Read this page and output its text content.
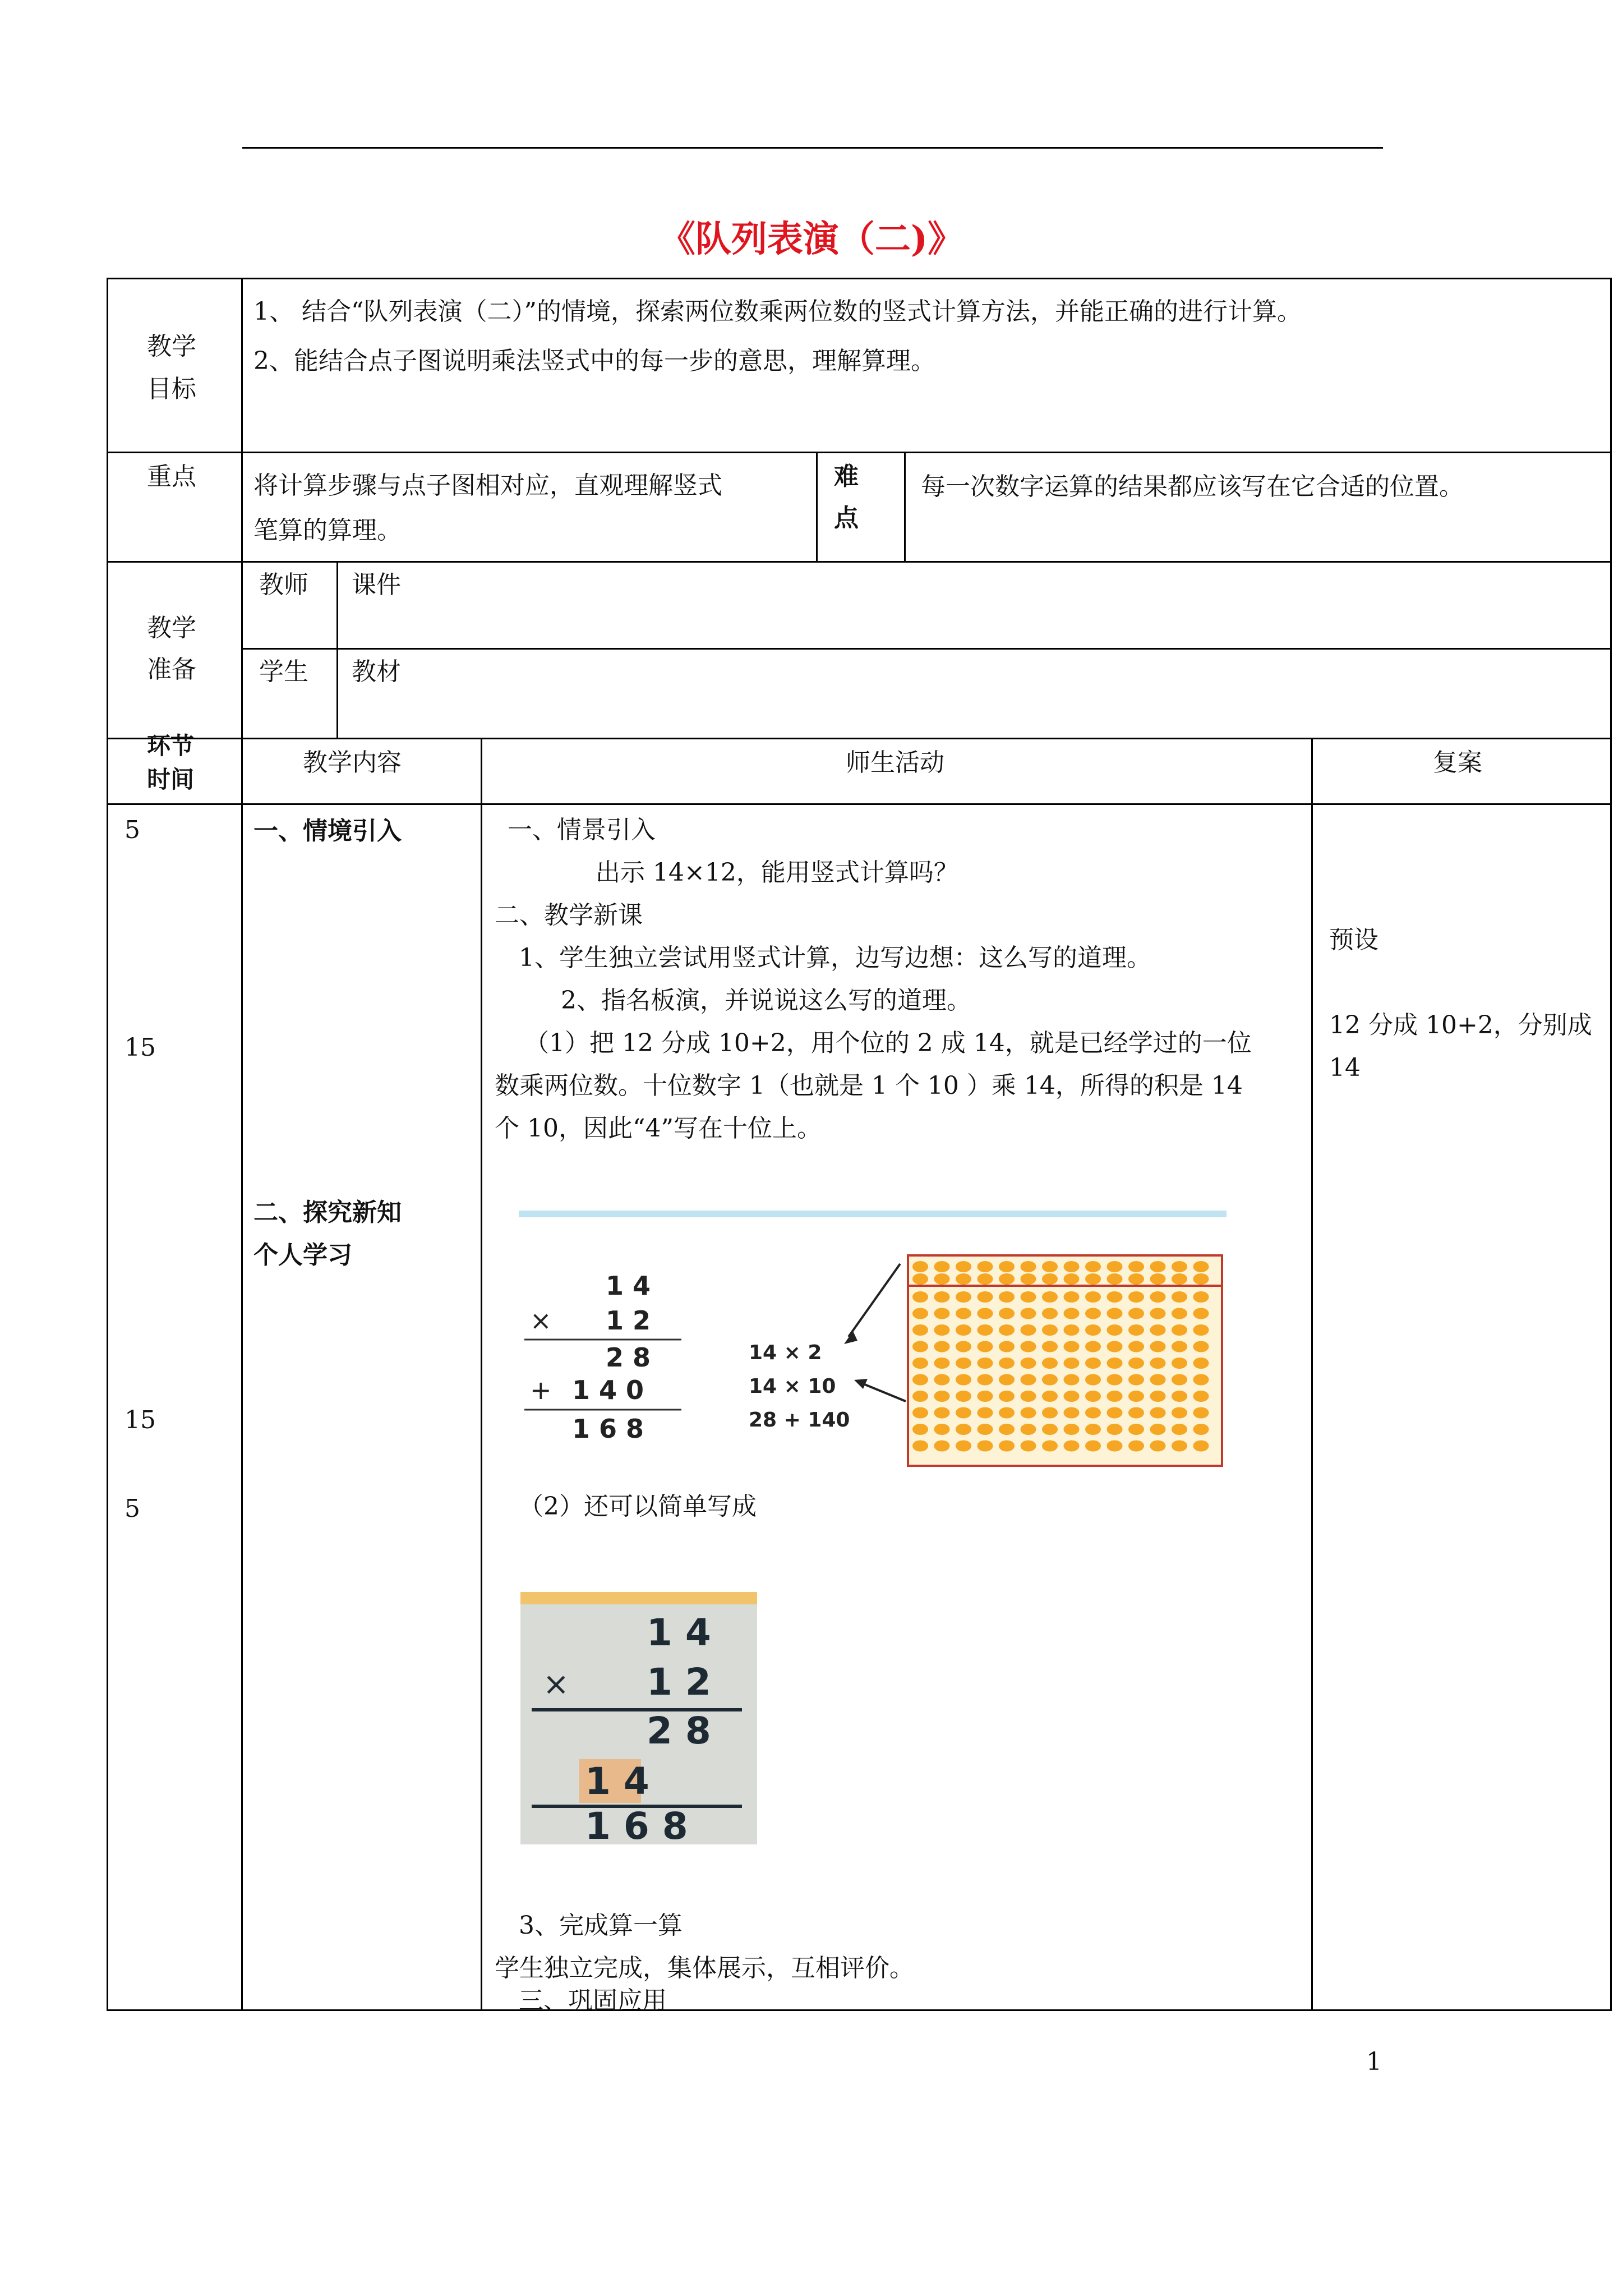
《队列表演（二)》
教学
目标
1、 结合“队列表演（二）”的情境，探索两位数乘两位数的竖式计算方法，并能正确的进行计算。
2、能结合点子图说明乘法竖式中的每一步的意思，理解算理。
重点 将计算步骤与点子图相对应，直观理解竖式
笔算的算理。
难
点
每一次数字运算的结果都应该写在它合适的位置。
教学
准备
教师 课件
学生 教材
环节
时间
教学内容	师生活动	复案
5
15
15
5
一、情境引入
二、探究新知
个人学习
一、情景引入
出示 14×12，能用竖式计算吗？
二、教学新课
1、学生独立尝试用竖式计算，边写边想：这么写的道理。
2、指名板演，并说说这么写的道理。
（1）把 12 分成 10+2，用个位的 2 成 14，就是已经学过的一位
数乘两位数。十位数字 1（也就是 1 个 10 ）乘 14，所得的积是 14
个 10，因此“4”写在十位上。
1 4
× 1 2
2 8
+ 1 4 0
1 6 8
14 × 2
14 × 10
28 + 140
（2）还可以简单写成
1 4
× 1 2
2 8
1 4
1 6 8
3、完成算一算
学生独立完成，集体展示，互相评价。
三、巩固应用
预设
12 分成 10+2，分别成
14
1
